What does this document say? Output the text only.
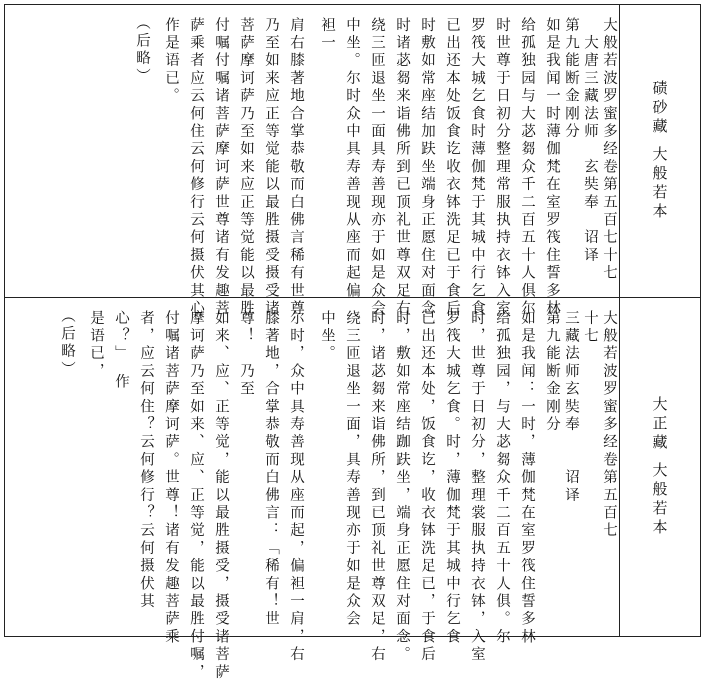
大般若波罗蜜多经卷第五百七十七
　大唐三藏法师　玄奘奉　诏译
第九能断金刚分
如是我闻一时薄伽梵在室罗筏住誓多林
给孤独园与大苾芻众千二百五十人俱尔
时世尊于日初分整理常服执持衣钵入室
罗筏大城乞食时薄伽梵于其城中行乞食
已出还本处饭食讫收衣钵洗足已于食后
时敷如常座结加趺坐端身正愿住对面念
时诸苾芻来诣佛所到已顶礼世尊双足右
绕三匝退坐一面具寿善现亦于如是众会
中坐。尔时众中具寿善现从座而起偏
袒一
肩右膝著地合掌恭敬而白佛言稀有世尊
乃至如来应正等觉能以最胜摄受摄受诸
菩萨摩诃萨乃至如来应正等觉能以最胜
付嘱付嘱诸菩萨摩诃萨世尊诸有发趣菩
萨乘者应云何住云何修行云何摄伏其心
作是语已。
（后略）
碛砂藏 大般若本
大般若波罗蜜多经卷第五百七
十七
三藏法师玄奘奉　　诏译
第九能断金刚分
如是我闻：一时，薄伽梵在室罗筏住誓多林
给孤独园，与大苾芻众千二百五十人俱。尔
时，世尊于日初分，整理裳服执持衣钵，入室
罗筏大城乞食。时，薄伽梵于其城中行乞食
已出还本处，饭食讫，收衣钵洗足已，于食后
时，敷如常座结跏趺坐，端身正愿住对面念。
时，诸苾芻来诣佛所，到已顶礼世尊双足，右
绕三匝退坐一面，具寿善现亦于如是众会
中坐。
尔时，众中具寿善现从座而起，偏袒一肩，右
膝著地，合掌恭敬而白佛言：「稀有！世
尊！　乃至
如来、应、正等觉，能以最胜摄受，摄受诸菩萨
摩诃萨乃至如来、应、正等觉，能以最胜付嘱，
付嘱诸菩萨摩诃萨。世尊！诸有发趣菩萨乘
者，应云何住？云何修行？云何摄伏其
心？」　作
是语已，
（后略）
大正藏 大般若本
